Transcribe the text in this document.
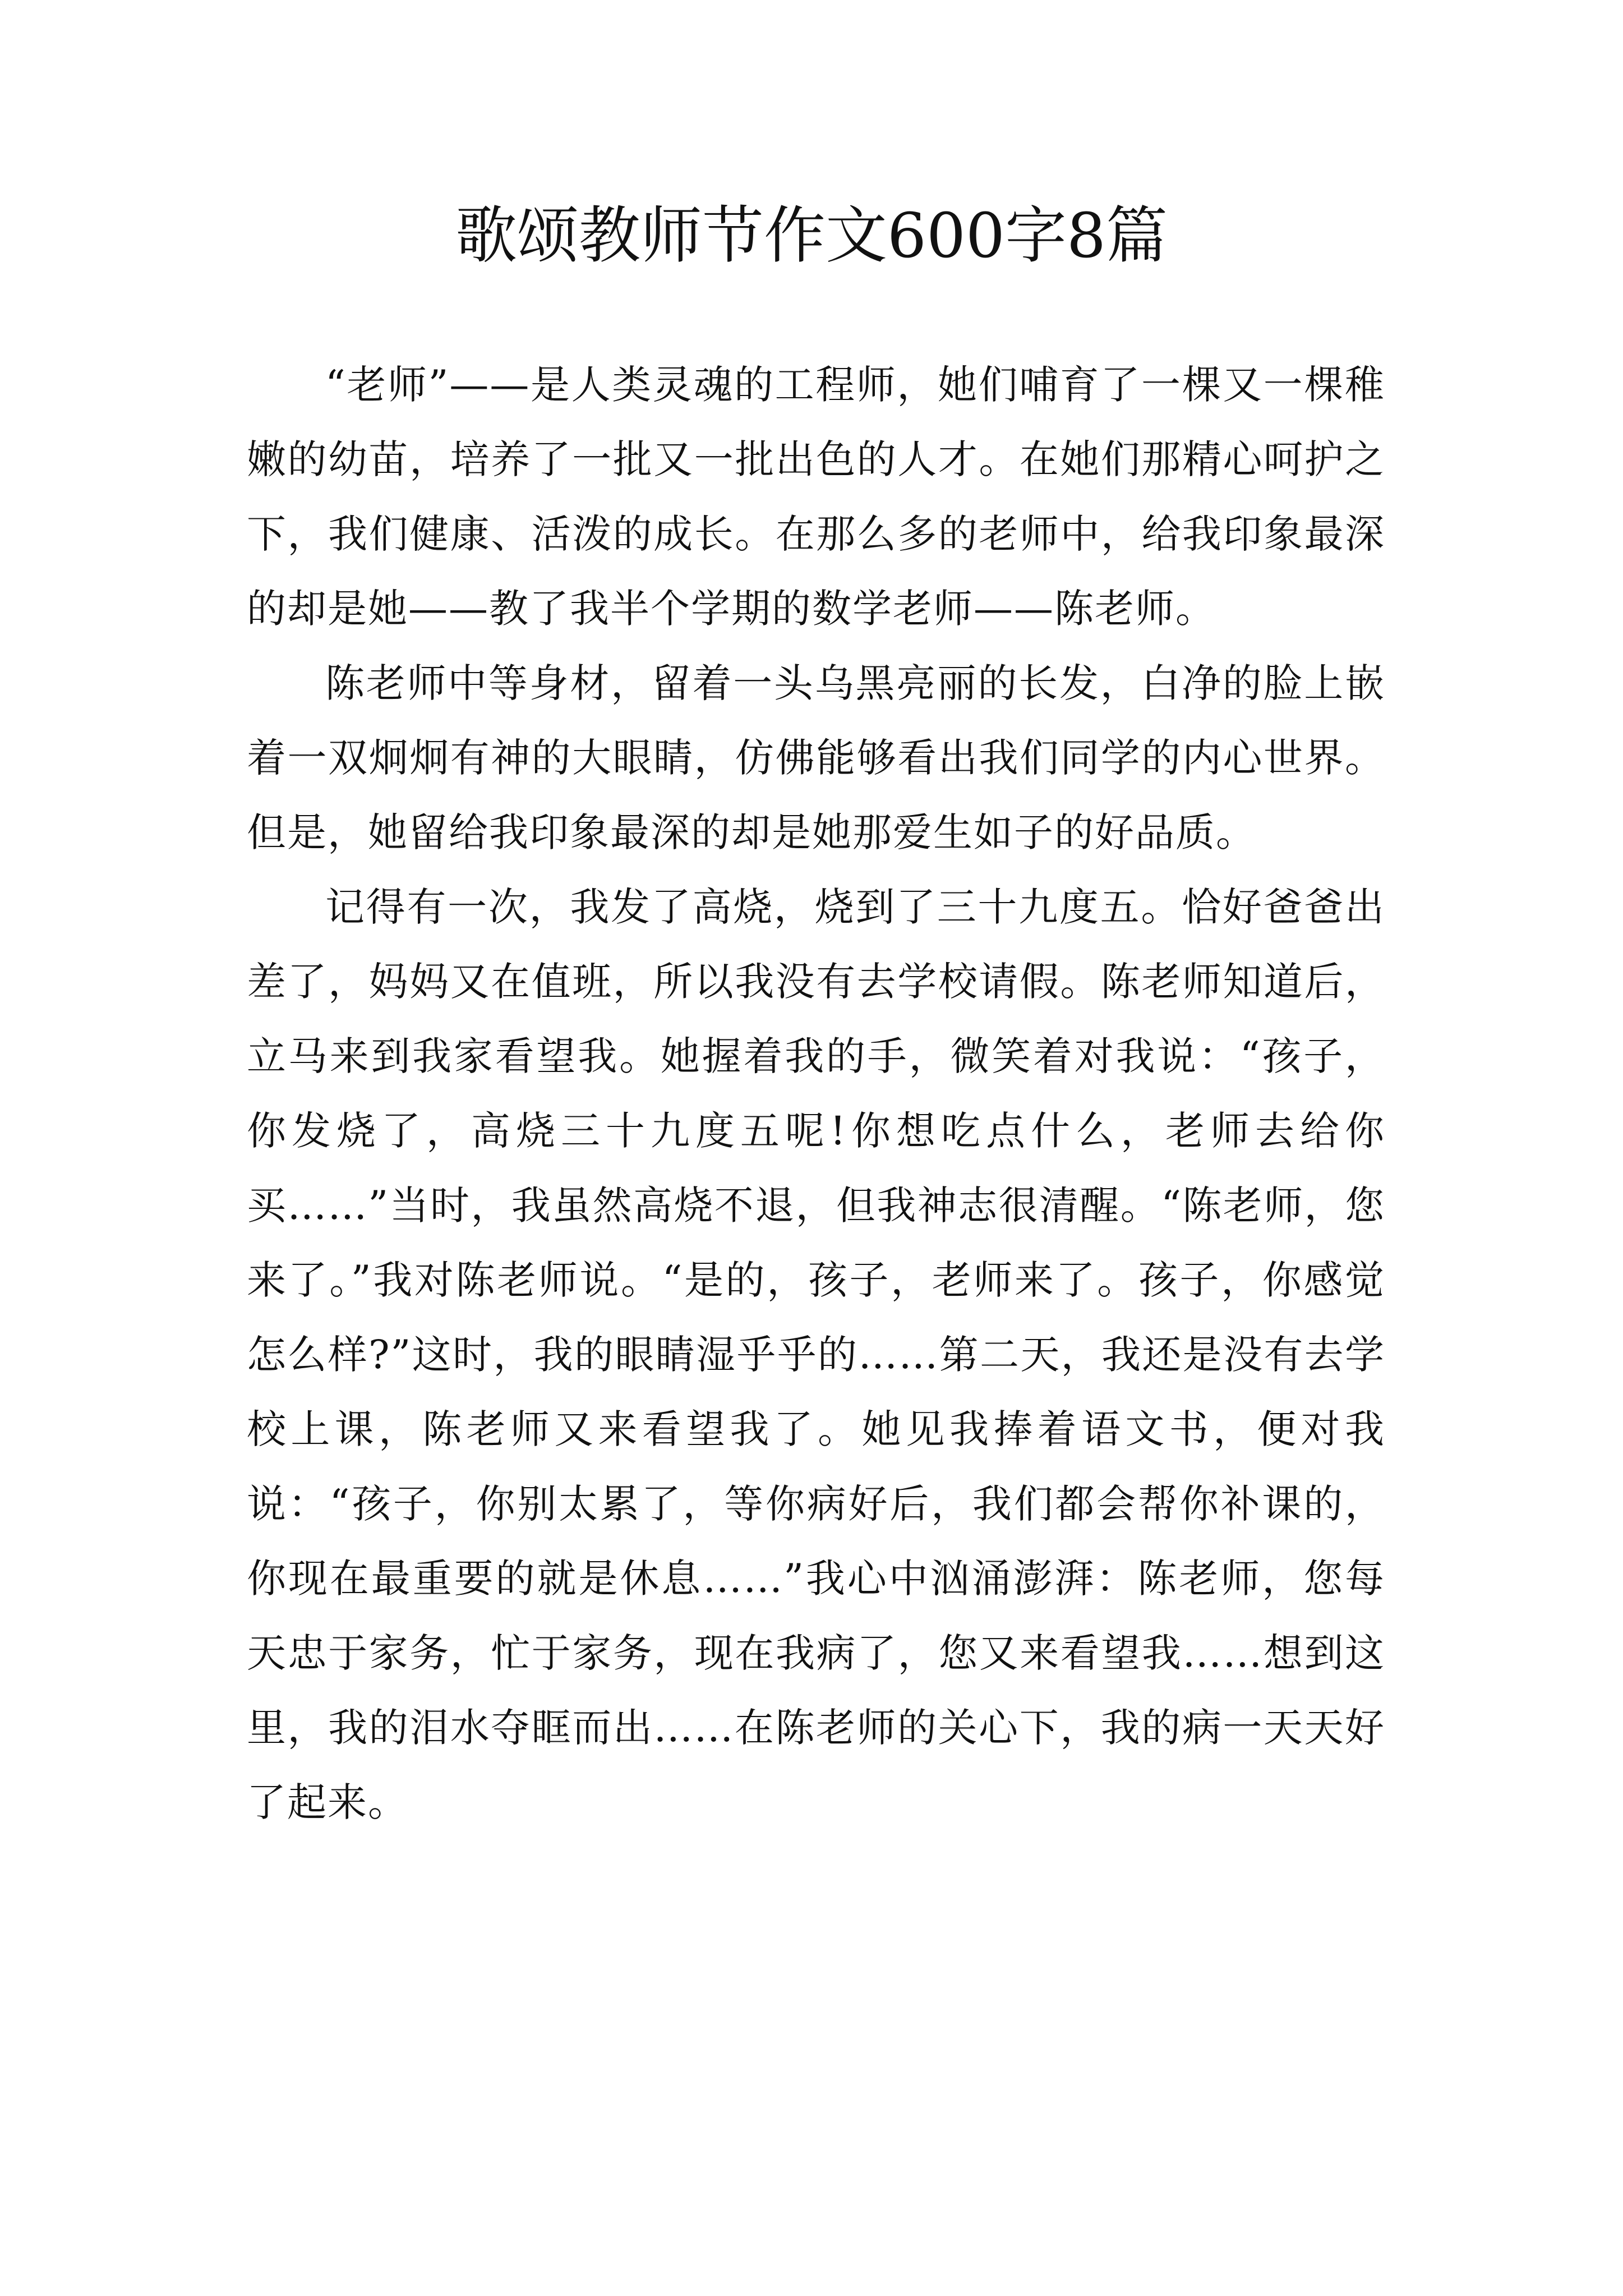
歌颂教师节作文600字8篇

“老师”——是人类灵魂的工程师，她们哺育了一棵又一棵稚嫩的幼苗，培养了一批又一批出色的人才。在她们那精心呵护之下，我们健康、活泼的成长。在那么多的老师中，给我印象最深的却是她——教了我半个学期的数学老师——陈老师。

陈老师中等身材，留着一头乌黑亮丽的长发，白净的脸上嵌着一双炯炯有神的大眼睛，仿佛能够看出我们同学的内心世界。但是，她留给我印象最深的却是她那爱生如子的好品质。

记得有一次，我发了高烧，烧到了三十九度五。恰好爸爸出差了，妈妈又在值班，所以我没有去学校请假。陈老师知道后，立马来到我家看望我。她握着我的手，微笑着对我说：“孩子，你发烧了，高烧三十九度五呢!你想吃点什么，老师去给你买……”当时，我虽然高烧不退，但我神志很清醒。“陈老师，您来了。”我对陈老师说。“是的，孩子，老师来了。孩子，你感觉怎么样?”这时，我的眼睛湿乎乎的……第二天，我还是没有去学校上课，陈老师又来看望我了。她见我捧着语文书，便对我说：“孩子，你别太累了，等你病好后，我们都会帮你补课的，你现在最重要的就是休息……”我心中汹涌澎湃：陈老师，您每天忠于家务，忙于家务，现在我病了，您又来看望我……想到这里，我的泪水夺眶而出……在陈老师的关心下，我的病一天天好了起来。
